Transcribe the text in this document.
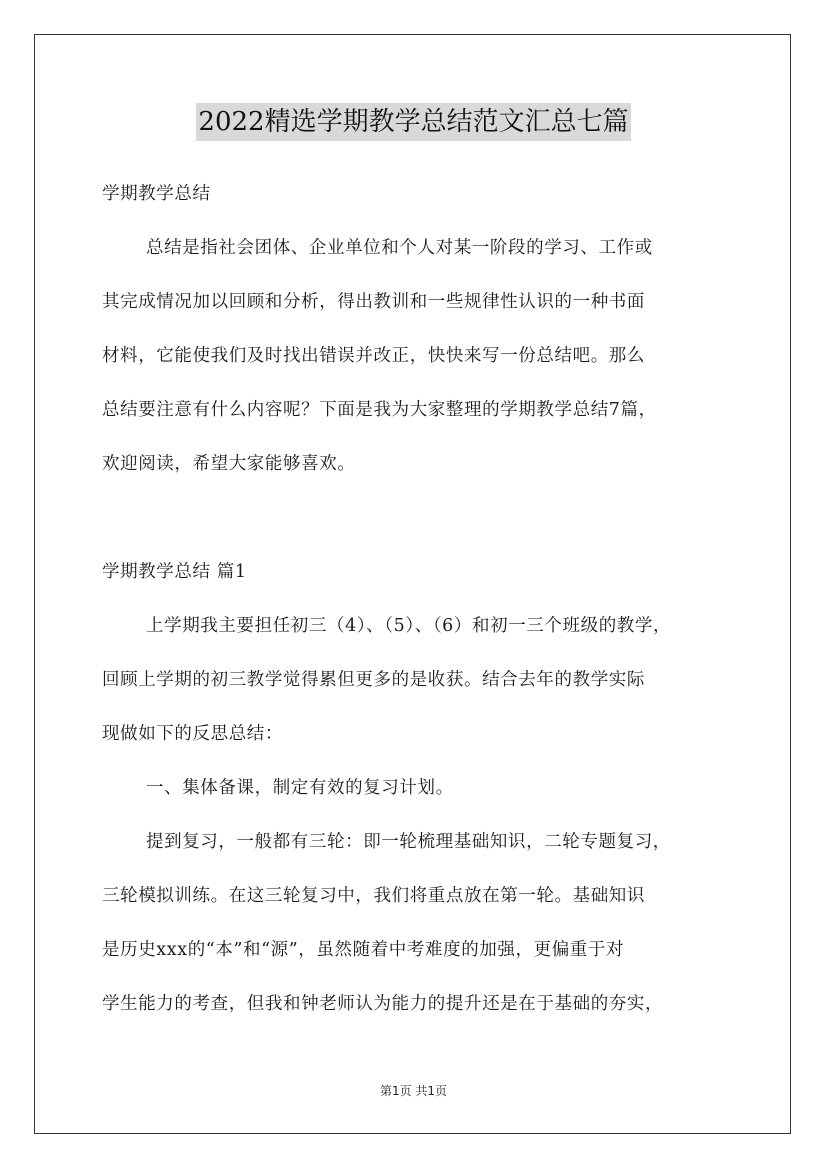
2022精选学期教学总结范文汇总七篇
学期教学总结
总结是指社会团体、企业单位和个人对某一阶段的学习、工作或
其完成情况加以回顾和分析，得出教训和一些规律性认识的一种书面
材料，它能使我们及时找出错误并改正，快快来写一份总结吧。那么
总结要注意有什么内容呢？下面是我为大家整理的学期教学总结7篇，
欢迎阅读，希望大家能够喜欢。
学期教学总结 篇1
上学期我主要担任初三（4）、（5）、（6）和初一三个班级的教学，
回顾上学期的初三教学觉得累但更多的是收获。结合去年的教学实际
现做如下的反思总结：
一、集体备课，制定有效的复习计划。
提到复习，一般都有三轮：即一轮梳理基础知识，二轮专题复习，
三轮模拟训练。在这三轮复习中，我们将重点放在第一轮。基础知识
是历史xxx的“本”和“源”，虽然随着中考难度的加强，更偏重于对
学生能力的考查，但我和钟老师认为能力的提升还是在于基础的夯实，
第1页 共1页
